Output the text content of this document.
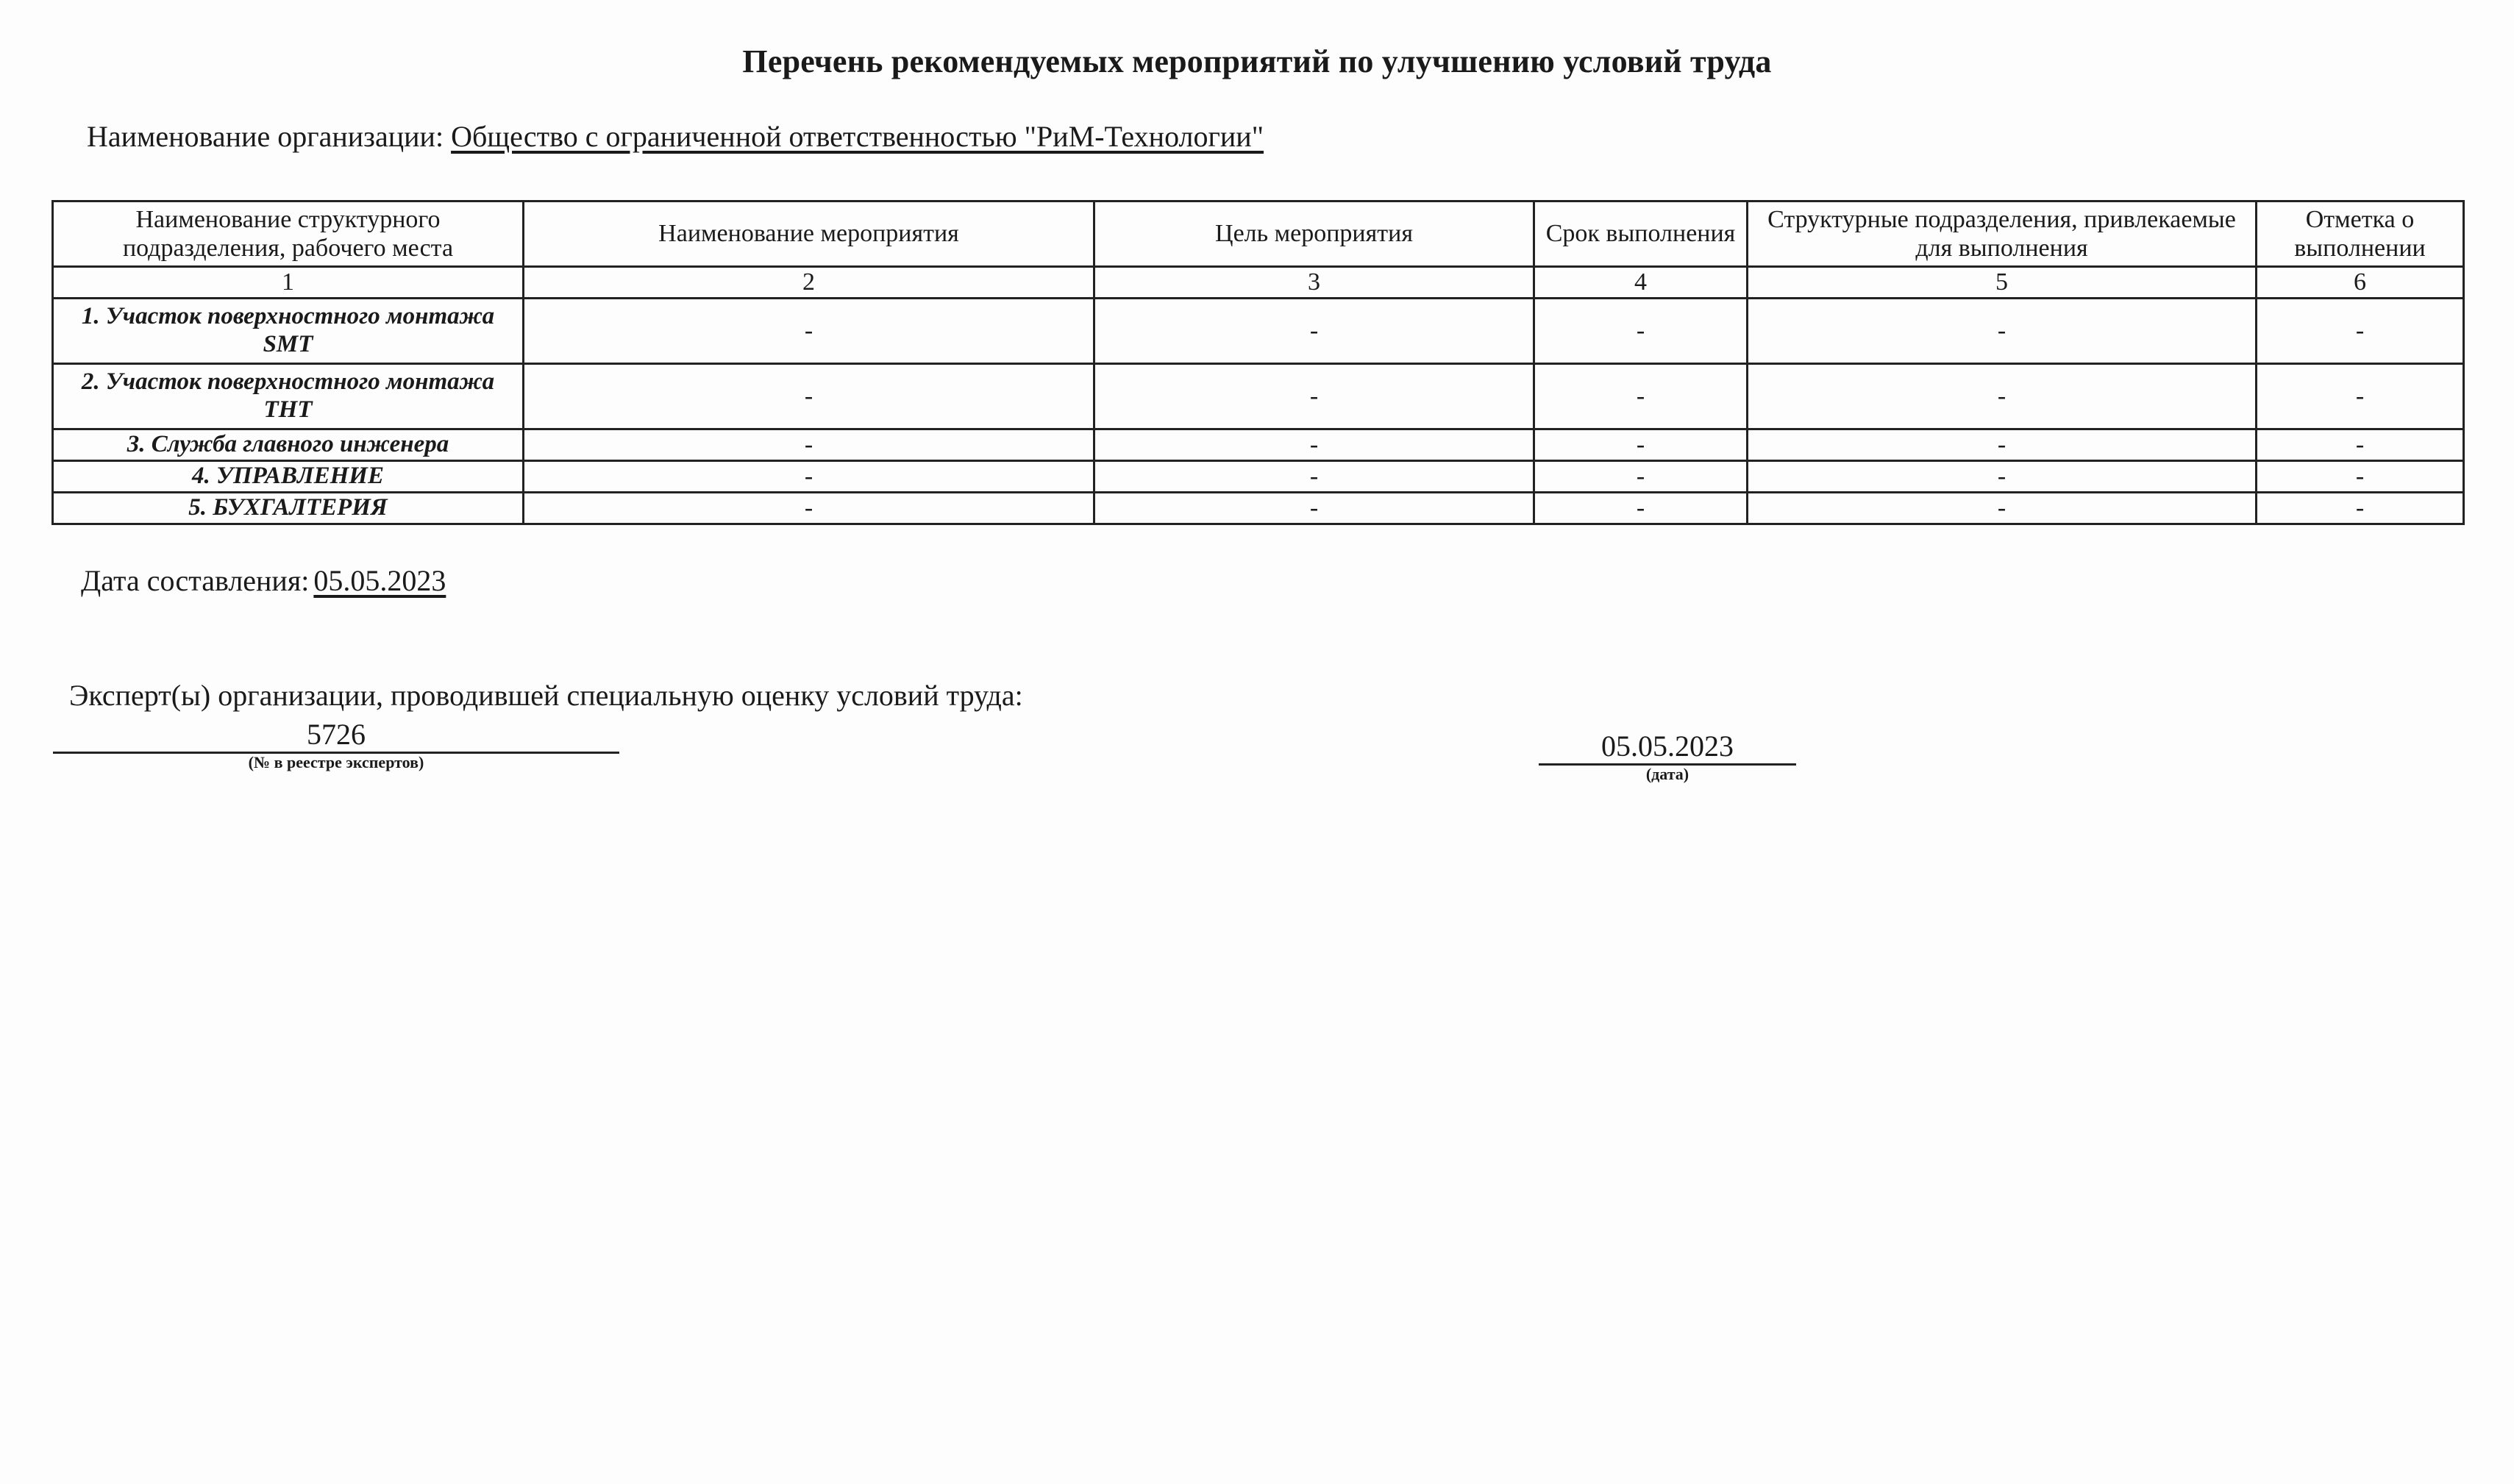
Перечень рекомендуемых мероприятий по улучшению условий труда
Наименование организации: Общество с ограниченной ответственностью "РиМ-Технологии"
Наименование структурного подразделения, рабочего места	Наименование мероприятия	Цель мероприятия	Срок выполнения	Структурные подразделения, привлекаемые для выполнения	Отметка о выполнении
1	2	3	4	5	6
1. Участок поверхностного монтажа SMT	-	-	-	-	-
2. Участок поверхностного монтажа THT	-	-	-	-	-
3. Служба главного инженера	-	-	-	-	-
4. УПРАВЛЕНИЕ	-	-	-	-	-
5. БУХГАЛТЕРИЯ	-	-	-	-	-
Дата составления: 05.05.2023
Эксперт(ы) организации, проводившей специальную оценку условий труда:
5726
(№ в реестре экспертов)	05.05.2023
(дата)
